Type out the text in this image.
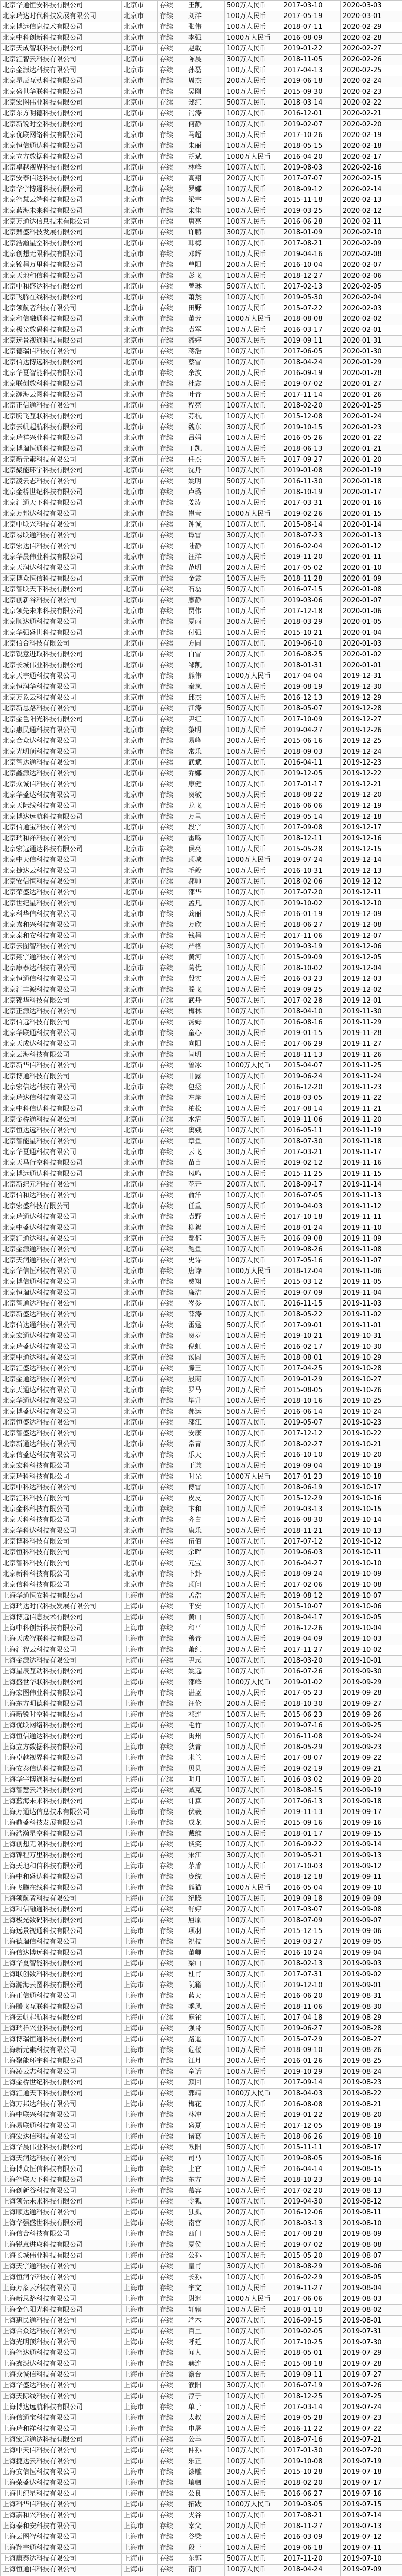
北京华通恒安科技有限公司	北京市	存续	王凯	500万人民币	2017-03-10	2020-03-03
北京瑞达时代科技发展有限公司	北京市	存续	刘洋	100万人民币	2017-05-19	2020-03-01
北京博远信息技术有限公司	北京市	存续	张伟	100万人民币	2018-07-11	2020-02-29
北京中科创新科技有限公司	北京市	存续	李强	1000万人民币	2016-08-09	2020-02-28
北京天成智联科技有限公司	北京市	存续	赵敏	100万人民币	2019-01-22	2020-02-27
北京汇智云科技有限公司	北京市	存续	陈晨	300万人民币	2018-11-05	2020-02-26
北京金源达科技有限公司	北京市	存续	孙磊	100万人民币	2017-04-13	2020-02-25
北京星辰互动科技有限公司	北京市	存续	周杰	200万人民币	2019-06-18	2020-02-24
北京盛世华联科技有限公司	北京市	存续	吴刚	100万人民币	2015-09-30	2020-02-23
北京宏图伟业科技有限公司	北京市	存续	郑红	500万人民币	2018-03-14	2020-02-22
北京东方明德科技有限公司	北京市	存续	冯涛	100万人民币	2016-12-01	2020-02-21
北京新锐时空科技有限公司	北京市	存续	何静	100万人民币	2019-02-07	2020-02-20
北京优联网络科技有限公司	北京市	存续	马超	300万人民币	2017-10-26	2020-02-19
北京恒信通达科技有限公司	北京市	存续	朱丽	100万人民币	2018-05-15	2020-02-18
北京立方数据科技有限公司	北京市	存续	胡斌	1000万人民币	2016-04-20	2020-02-17
北京卓越视界科技有限公司	北京市	存续	林峰	100万人民币	2019-08-03	2020-02-16
北京安泰信达科技有限公司	北京市	存续	高翔	200万人民币	2017-07-07	2020-02-15
北京华宇博通科技有限公司	北京市	存续	罗娜	100万人民币	2018-09-12	2020-02-14
北京智慧云端科技有限公司	北京市	存续	梁宇	500万人民币	2015-11-18	2020-02-13
北京蓝海未来科技有限公司	北京市	存续	宋佳	100万人民币	2019-03-25	2020-02-12
北京万通达信息技术有限公司	北京市	存续	唐亮	100万人民币	2016-06-28	2020-02-11
北京鼎盛科技发展有限公司	北京市	存续	许鹏	300万人民币	2018-01-09	2020-02-10
北京浩瀚星空科技有限公司	北京市	存续	韩梅	100万人民币	2017-08-21	2020-02-09
北京创想无限科技有限公司	北京市	存续	邓辉	100万人民币	2019-04-16	2020-02-08
北京锦程万里科技有限公司	北京市	存续	曹阳	200万人民币	2016-10-04	2020-02-07
北京天地和信科技有限公司	北京市	存续	彭飞	100万人民币	2018-12-27	2020-02-06
北京中和盛达科技有限公司	北京市	存续	曾琳	500万人民币	2017-02-13	2020-02-05
北京飞腾在线科技有限公司	北京市	存续	萧然	100万人民币	2019-05-30	2020-02-04
北京领航者科技有限公司	北京市	存续	田野	100万人民币	2015-07-22	2020-02-03
北京和信融通科技有限公司	北京市	存续	董芳	1000万人民币	2018-08-08	2020-02-02
北京极光数码科技有限公司	北京市	存续	袁军	100万人民币	2016-03-17	2020-02-01
北京远景视通科技有限公司	北京市	存续	潘婷	300万人民币	2019-09-11	2020-01-31
北京德瑞信科技有限公司	北京市	存续	蒋浩	100万人民币	2017-06-05	2020-01-30
北京信达博远科技有限公司	北京市	存续	蔡雪	100万人民币	2018-04-24	2020-01-29
北京华夏智能科技有限公司	北京市	存续	余波	200万人民币	2016-09-19	2020-01-28
北京联创数科科技有限公司	北京市	存续	杜鑫	100万人民币	2019-07-02	2020-01-27
北京瀚海云图科技有限公司	北京市	存续	叶青	500万人民币	2017-11-14	2020-01-26
北京正信通科技有限公司	北京市	存续	程亮	100万人民币	2018-02-20	2020-01-25
北京腾飞互联科技有限公司	北京市	存续	苏杭	100万人民币	2015-12-08	2020-01-24
北京云帆起航科技有限公司	北京市	存续	魏东	300万人民币	2019-10-15	2020-01-23
北京瑞祥兴业科技有限公司	北京市	存续	吕娟	100万人民币	2016-05-26	2020-01-22
北京博瑞恒通科技有限公司	北京市	存续	丁凯	100万人民币	2018-06-13	2020-01-21
北京新元素科技有限公司	北京市	存续	任杰	200万人民币	2017-09-27	2020-01-20
北京聚能环宇科技有限公司	北京市	存续	沈丹	100万人民币	2019-01-08	2020-01-19
北京凌云志科技有限公司	北京市	存续	姚明	500万人民币	2016-11-30	2020-01-18
北京金桥世纪科技有限公司	北京市	存续	卢璐	100万人民币	2018-10-19	2020-01-17
北京汇通天下科技有限公司	北京市	存续	姜涛	100万人民币	2017-03-31	2020-01-16
北京万邦达科技有限公司	北京市	存续	崔莹	1000万人民币	2019-02-26	2020-01-15
北京中联兴科技有限公司	北京市	存续	钟诚	100万人民币	2015-08-14	2020-01-14
北京易联通科技有限公司	北京市	存续	谭雷	300万人民币	2018-07-23	2020-01-13
北京宏达信科技有限公司	北京市	存续	陆静	100万人民币	2016-02-04	2020-01-12
北京华晨伟业科技有限公司	北京市	存续	汪洋	100万人民币	2019-11-20	2020-01-11
北京天润达科技有限公司	北京市	存续	范明	200万人民币	2017-05-02	2020-01-10
北京博众恒信科技有限公司	北京市	存续	金鑫	100万人民币	2018-11-28	2020-01-09
北京智联天下科技有限公司	北京市	存续	石磊	500万人民币	2016-07-15	2020-01-08
北京创新谷科技有限公司	北京市	存续	廖静	100万人民币	2019-03-06	2020-01-07
北京领先未来科技有限公司	北京市	存续	贾伟	100万人民币	2017-12-18	2020-01-06
北京顺达通科技有限公司	北京市	存续	夏雨	300万人民币	2018-03-29	2020-01-05
北京华强盛世科技有限公司	北京市	存续	付强	100万人民币	2015-10-21	2020-01-04
北京信合科技有限公司	北京市	存续	方圆	100万人民币	2019-06-10	2020-01-03
北京锐意进取科技有限公司	北京市	存续	白雪	200万人民币	2016-08-25	2020-01-02
北京长城伟业科技有限公司	北京市	存续	邹凯	100万人民币	2018-01-31	2020-01-01
北京天宇通科技有限公司	北京市	存续	熊伟	1000万人民币	2017-04-04	2019-12-31
北京恒润华科技有限公司	北京市	存续	秦岚	100万人民币	2019-08-19	2019-12-30
北京万象云科技有限公司	北京市	存续	邱杰	100万人民币	2016-12-13	2019-12-29
北京新思路科技有限公司	北京市	存续	江涛	500万人民币	2018-05-07	2019-12-28
北京金色阳光科技有限公司	北京市	存续	尹红	100万人民币	2017-10-09	2019-12-27
北京惠民通科技有限公司	北京市	存续	黎明	100万人民币	2019-04-27	2019-12-26
北京合众达科技有限公司	北京市	存续	易峰	300万人民币	2015-06-16	2019-12-25
北京光明顶科技有限公司	北京市	存续	常乐	100万人民币	2018-09-03	2019-12-24
北京智达通科技有限公司	北京市	存续	武斌	100万人民币	2016-04-11	2019-12-23
北京鑫源达科技有限公司	北京市	存续	乔娜	200万人民币	2019-12-05	2019-12-22
北京众诚信科技有限公司	北京市	存续	康健	100万人民币	2017-01-17	2019-12-21
北京华盛达科技有限公司	北京市	存续	贺敏	500万人民币	2018-08-22	2019-12-20
北京天际线科技有限公司	北京市	存续	龙飞	100万人民币	2016-06-06	2019-12-19
北京博达远航科技有限公司	北京市	存续	万里	100万人民币	2019-05-14	2019-12-18
北京信通宝科技有限公司	北京市	存续	段宇	300万人民币	2017-09-08	2019-12-17
北京瑞和祥科技有限公司	北京市	存续	雷鸣	100万人民币	2018-12-11	2019-12-16
北京宏远通达科技有限公司	北京市	存续	侯亮	100万人民币	2015-05-28	2019-12-15
北京中天信科技有限公司	北京市	存续	顾城	1000万人民币	2019-07-24	2019-12-14
北京捷达云科技有限公司	北京市	存续	毛毅	100万人民币	2016-10-31	2019-12-13
北京安信恒科技有限公司	北京市	存续	郝帅	200万人民币	2018-02-06	2019-12-12
北京荣盛达科技有限公司	北京市	存续	邵华	100万人民币	2017-07-20	2019-12-11
北京世纪星科技有限公司	北京市	存续	孟凡	100万人民币	2019-10-02	2019-12-10
北京科华信科技有限公司	北京市	存续	龚丽	500万人民币	2016-01-19	2019-12-09
北京嘉和兴科技有限公司	北京市	存续	万欣	100万人民币	2018-06-27	2019-12-08
北京泰和安科技有限公司	北京市	存续	钱程	100万人民币	2017-11-06	2019-12-07
北京云图智科技有限公司	北京市	存续	严格	300万人民币	2019-03-19	2019-12-06
北京翔宇通科技有限公司	北京市	存续	黄河	100万人民币	2015-09-09	2019-12-05
北京康泰达科技有限公司	北京市	存续	葛优	100万人民币	2018-10-02	2019-12-04
北京恒通信科技有限公司	北京市	存续	殷实	200万人民币	2016-03-23	2019-12-03
北京汇丰源科技有限公司	北京市	存续	滕飞	100万人民币	2019-09-25	2019-12-02
北京锦华科技有限公司	北京市	存续	武丹	500万人民币	2017-02-28	2019-12-01
北京正源达科技有限公司	北京市	存续	梅林	100万人民币	2018-04-10	2019-11-30
北京信远科技有限公司	北京市	存续	汤姆	100万人民币	2016-08-16	2019-11-29
北京华联通科技有限公司	北京市	存续	童心	300万人民币	2019-01-15	2019-11-28
北京天成达科技有限公司	北京市	存续	向阳	100万人民币	2017-06-29	2019-11-27
北京云海科技有限公司	北京市	存续	闫明	100万人民币	2018-11-13	2019-11-26
北京新华信科技有限公司	北京市	存续	鲁冰	1000万人民币	2015-04-07	2019-11-25
北京博通科技有限公司	北京市	存续	甘露	100万人民币	2019-06-24	2019-11-24
北京宏信达科技有限公司	北京市	存续	包拯	200万人民币	2016-12-20	2019-11-23
北京瑞达信科技有限公司	北京市	存续	左岸	100万人民币	2018-03-05	2019-11-22
北京中科信达科技有限公司	北京市	存续	柏松	100万人民币	2017-08-14	2019-11-21
北京金桥通科技有限公司	北京市	存续	水清	500万人民币	2019-11-06	2019-11-20
北京恒达远科技有限公司	北京市	存续	窦娥	100万人民币	2016-05-11	2019-11-19
北京智能星科技有限公司	北京市	存续	章鱼	100万人民币	2018-07-30	2019-11-18
北京华夏通科技有限公司	北京市	存续	云飞	300万人民币	2017-03-21	2019-11-17
北京天马行空科技有限公司	北京市	存续	苗苗	100万人民币	2019-02-12	2019-11-16
北京博远通达科技有限公司	北京市	存续	凤鸣	100万人民币	2015-11-25	2019-11-15
北京新纪元科技有限公司	北京市	存续	花开	200万人民币	2018-09-17	2019-11-14
北京信和达科技有限公司	北京市	存续	俞洋	100万人民币	2016-07-05	2019-11-13
北京宏盛科技有限公司	北京市	存续	任重	500万人民币	2019-04-03	2019-11-12
北京瑞通达科技有限公司	北京市	存续	袁野	100万人民币	2017-10-18	2019-11-11
北京中盛达科技有限公司	北京市	存续	柳絮	100万人民币	2018-01-24	2019-11-10
北京汇通达科技有限公司	北京市	存续	酆都	300万人民币	2016-09-08	2019-11-09
北京金源通科技有限公司	北京市	存续	鲍鱼	100万人民币	2019-08-26	2019-11-08
北京天润通科技有限公司	北京市	存续	史诗	100万人民币	2017-05-16	2019-11-07
北京华信恒科技有限公司	北京市	存续	唐诗	1000万人民币	2018-12-04	2019-11-06
北京博信通科技有限公司	北京市	存续	费翔	100万人民币	2015-03-12	2019-11-05
北京恒瑞达科技有限公司	北京市	存续	廉洁	200万人民币	2019-07-09	2019-11-04
北京智通达科技有限公司	北京市	存续	岑参	100万人民币	2016-11-15	2019-11-03
北京新盛达科技有限公司	北京市	存续	薛涛	100万人民币	2018-05-22	2019-11-02
北京信达通科技有限公司	北京市	存续	雷霆	500万人民币	2017-09-01	2019-11-01
北京宏通达科技有限公司	北京市	存续	贺岁	100万人民币	2019-10-21	2019-10-31
北京瑞盛达科技有限公司	北京市	存续	倪虹	100万人民币	2016-02-17	2019-10-30
北京中通达科技有限公司	北京市	存续	汤圆	300万人民币	2018-08-01	2019-10-29
北京汇盛达科技有限公司	北京市	存续	滕王	100万人民币	2017-04-25	2019-10-28
北京金通达科技有限公司	北京市	存续	殷商	100万人民币	2019-01-29	2019-10-27
北京天通达科技有限公司	北京市	存续	罗马	200万人民币	2015-08-05	2019-10-26
北京华通达科技有限公司	北京市	存续	毕升	100万人民币	2018-10-16	2019-10-25
北京博盛达科技有限公司	北京市	存续	郝运	500万人民币	2016-06-14	2019-10-24
北京恒盛达科技有限公司	北京市	存续	邬江	100万人民币	2019-05-07	2019-10-23
北京智盛达科技有限公司	北京市	存续	安康	100万人民币	2017-12-12	2019-10-22
北京新通达科技有限公司	北京市	存续	常青	300万人民币	2018-02-27	2019-10-21
北京信盛达科技有限公司	北京市	存续	乐天	100万人民币	2016-10-10	2019-10-20
北京宏科科技有限公司	北京市	存续	于谦	100万人民币	2019-09-04	2019-10-19
北京瑞科科技有限公司	北京市	存续	时光	1000万人民币	2017-01-23	2019-10-18
北京中科达科技有限公司	北京市	存续	傅雷	100万人民币	2018-06-19	2019-10-17
北京汇科科技有限公司	北京市	存续	皮皮	200万人民币	2015-12-29	2019-10-16
北京金科科技有限公司	北京市	存续	卞和	100万人民币	2019-03-13	2019-10-15
北京天科科技有限公司	北京市	存续	齐白	100万人民币	2016-08-30	2019-10-14
北京华科达科技有限公司	北京市	存续	康乐	500万人民币	2018-11-21	2019-10-13
北京博科科技有限公司	北京市	存续	伍佰	100万人民币	2017-07-12	2019-10-12
北京恒科科技有限公司	北京市	存续	余晖	100万人民币	2019-06-03	2019-10-11
北京智科科技有限公司	北京市	存续	元宝	300万人民币	2016-04-27	2019-10-10
北京新科科技有限公司	北京市	存续	卜卦	100万人民币	2018-09-24	2019-10-09
北京信科科技有限公司	北京市	存续	顾问	100万人民币	2017-02-06	2019-10-08
上海华通恒安科技有限公司	上海市	存续	孟浩	200万人民币	2019-08-12	2019-10-07
上海瑞达时代科技发展有限公司	上海市	存续	平安	100万人民币	2015-10-07	2019-10-06
上海博远信息技术有限公司	上海市	存续	黄山	500万人民币	2018-04-17	2019-10-05
上海中科创新科技有限公司	上海市	存续	和平	100万人民币	2016-12-26	2019-10-04
上海天成智联科技有限公司	上海市	存续	穆青	100万人民币	2019-04-09	2019-10-03
上海汇智云科技有限公司	上海市	存续	萧红	300万人民币	2017-11-27	2019-10-02
上海金源达科技有限公司	上海市	存续	尹志	100万人民币	2018-03-20	2019-10-01
上海星辰互动科技有限公司	上海市	存续	姚远	100万人民币	2016-07-26	2019-09-30
上海盛世华联科技有限公司	上海市	存续	邵峰	1000万人民币	2019-01-02	2019-09-29
上海宏图伟业科技有限公司	上海市	存续	湛蓝	100万人民币	2017-05-23	2019-09-28
上海东方明德科技有限公司	上海市	存续	汪伦	200万人民币	2018-10-30	2019-09-27
上海新锐时空科技有限公司	上海市	存续	祁连	100万人民币	2015-06-23	2019-09-26
上海优联网络科技有限公司	上海市	存续	毛竹	100万人民币	2019-07-16	2019-09-25
上海恒信通达科技有限公司	上海市	存续	禹州	500万人民币	2016-11-08	2019-09-24
上海立方数据科技有限公司	上海市	存续	狄青	100万人民币	2018-05-29	2019-09-23
上海卓越视界科技有限公司	上海市	存续	米兰	100万人民币	2017-08-07	2019-09-22
上海安泰信达科技有限公司	上海市	存续	贝贝	300万人民币	2019-02-19	2019-09-21
上海华宇博通科技有限公司	上海市	存续	明月	100万人民币	2016-03-02	2019-09-20
上海智慧云端科技有限公司	上海市	存续	臧克	100万人民币	2018-08-15	2019-09-19
上海蓝海未来科技有限公司	上海市	存续	计算	200万人民币	2017-06-13	2019-09-18
上海万通达信息技术有限公司	上海市	存续	伏羲	100万人民币	2019-11-13	2019-09-17
上海鼎盛科技发展有限公司	上海市	存续	成龙	500万人民币	2015-09-16	2019-09-16
上海浩瀚星空科技有限公司	上海市	存续	戴维	100万人民币	2018-01-17	2019-09-15
上海创想无限科技有限公司	上海市	存续	谈笑	100万人民币	2016-09-22	2019-09-14
上海锦程万里科技有限公司	上海市	存续	宋江	300万人民币	2019-05-21	2019-09-13
上海天地和信科技有限公司	上海市	存续	茅盾	100万人民币	2017-10-03	2019-09-12
上海中和盛达科技有限公司	上海市	存续	庞统	100万人民币	2018-12-18	2019-09-11
上海飞腾在线科技有限公司	上海市	存续	熊猫	1000万人民币	2016-05-04	2019-09-10
上海领航者科技有限公司	上海市	存续	纪晓	100万人民币	2019-09-18	2019-09-09
上海和信融通科技有限公司	上海市	存续	舒婷	200万人民币	2017-03-07	2019-09-08
上海极光数码科技有限公司	上海市	存续	屈原	100万人民币	2018-07-09	2019-09-07
上海远景视通科技有限公司	上海市	存续	项羽	100万人民币	2015-12-15	2019-09-06
上海德瑞信科技有限公司	上海市	存续	祝枝	500万人民币	2019-03-27	2019-09-05
上海信达博远科技有限公司	上海市	存续	董卿	100万人民币	2016-10-24	2019-09-04
上海华夏智能科技有限公司	上海市	存续	梁山	100万人民币	2018-02-13	2019-09-03
上海联创数科科技有限公司	上海市	存续	杜甫	300万人民币	2017-07-31	2019-09-02
上海瀚海云图科技有限公司	上海市	存续	阮籍	100万人民币	2019-12-10	2019-09-01
上海正信通科技有限公司	上海市	存续	蓝天	100万人民币	2016-06-20	2019-08-31
上海腾飞互联科技有限公司	上海市	存续	季风	200万人民币	2018-11-06	2019-08-30
上海云帆起航科技有限公司	上海市	存续	麻雀	100万人民币	2017-04-18	2019-08-29
上海瑞祥兴业科技有限公司	上海市	存续	强哥	500万人民币	2019-06-27	2019-08-28
上海博瑞恒通科技有限公司	上海市	存续	路遥	100万人民币	2015-07-29	2019-08-27
上海新元素科技有限公司	上海市	存续	危楼	100万人民币	2018-09-10	2019-08-26
上海聚能环宇科技有限公司	上海市	存续	江月	300万人民币	2016-01-26	2019-08-25
上海凌云志科技有限公司	上海市	存续	童话	100万人民币	2019-10-29	2019-08-24
上海金桥世纪科技有限公司	上海市	存续	颜回	100万人民币	2017-09-14	2019-08-23
上海汇通天下科技有限公司	上海市	存续	郭靖	1000万人民币	2018-04-03	2019-08-22
上海万邦达科技有限公司	上海市	存续	梅花	100万人民币	2016-08-08	2019-08-21
上海中联兴科技有限公司	上海市	存续	林冲	200万人民币	2019-01-22	2019-08-20
上海易联通科技有限公司	上海市	存续	盛夏	100万人民币	2017-12-05	2019-08-19
上海宏达信科技有限公司	上海市	存续	诸葛	100万人民币	2018-06-26	2019-08-18
上海华晨伟业科技有限公司	上海市	存续	欧阳	500万人民币	2015-11-11	2019-08-17
上海天润达科技有限公司	上海市	存续	司马	100万人民币	2019-08-05	2019-08-16
上海博众恒信科技有限公司	上海市	存续	上官	100万人民币	2016-04-14	2019-08-15
上海智联天下科技有限公司	上海市	存续	东方	300万人民币	2018-10-23	2019-08-14
上海创新谷科技有限公司	上海市	存续	慕容	100万人民币	2017-02-20	2019-08-13
上海领先未来科技有限公司	上海市	存续	令狐	100万人民币	2019-04-30	2019-08-12
上海顺达通科技有限公司	上海市	存续	独孤	200万人民币	2016-12-06	2019-08-11
上海华强盛世科技有限公司	上海市	存续	南宫	100万人民币	2018-03-13	2019-08-10
上海信合科技有限公司	上海市	存续	西门	500万人民币	2017-08-28	2019-08-09
上海锐意进取科技有限公司	上海市	存续	夏侯	100万人民币	2019-07-02	2019-08-08
上海长城伟业科技有限公司	上海市	存续	公孙	100万人民币	2015-05-20	2019-08-07
上海天宇通科技有限公司	上海市	存续	皇甫	300万人民币	2018-08-29	2019-08-06
上海恒润华科技有限公司	上海市	存续	长孙	100万人民币	2016-02-29	2019-08-05
上海万象云科技有限公司	上海市	存续	宇文	100万人民币	2019-11-27	2019-08-04
上海新思路科技有限公司	上海市	存续	尉迟	1000万人民币	2017-06-06	2019-08-03
上海金色阳光科技有限公司	上海市	存续	轩辕	100万人民币	2018-01-10	2019-08-02
上海惠民通科技有限公司	上海市	存续	端木	200万人民币	2016-09-15	2019-08-01
上海合众达科技有限公司	上海市	存续	百里	100万人民币	2019-02-05	2019-07-31
上海光明顶科技有限公司	上海市	存续	呼延	100万人民币	2017-10-25	2019-07-30
上海智达通科技有限公司	上海市	存续	闻人	500万人民币	2018-05-01	2019-07-29
上海鑫源达科技有限公司	上海市	存续	赫连	100万人民币	2015-08-18	2019-07-28
上海众诚信科技有限公司	上海市	存续	澹台	100万人民币	2019-09-11	2019-07-27
上海华盛达科技有限公司	上海市	存续	濮阳	300万人民币	2016-07-19	2019-07-26
上海天际线科技有限公司	上海市	存续	淳于	100万人民币	2018-12-25	2019-07-25
上海博达远航科技有限公司	上海市	存续	单于	100万人民币	2017-03-14	2019-07-24
上海信通宝科技有限公司	上海市	存续	太叔	200万人民币	2019-05-28	2019-07-23
上海瑞和祥科技有限公司	上海市	存续	申屠	100万人民币	2016-11-22	2019-07-22
上海宏远通达科技有限公司	上海市	存续	公羊	500万人民币	2018-07-16	2019-07-21
上海中天信科技有限公司	上海市	存续	仲孙	100万人民币	2017-01-30	2019-07-20
上海捷达云科技有限公司	上海市	存续	乐正	100万人民币	2019-10-08	2019-07-19
上海安信恒科技有限公司	上海市	存续	漆雕	300万人民币	2015-10-28	2019-07-18
上海荣盛达科技有限公司	上海市	存续	壤驷	100万人民币	2018-02-20	2019-07-17
上海世纪星科技有限公司	上海市	存续	公良	100万人民币	2016-06-27	2019-07-16
上海科华信科技有限公司	上海市	存续	拓跋	1000万人民币	2019-03-05	2019-07-15
上海嘉和兴科技有限公司	上海市	存续	夹谷	100万人民币	2017-08-21	2019-07-14
上海泰和安科技有限公司	上海市	存续	宰父	200万人民币	2018-11-27	2019-07-13
上海云图智科技有限公司	上海市	存续	谷梁	100万人民币	2016-03-09	2019-07-12
上海翔宇通科技有限公司	上海市	存续	段干	100万人民币	2019-06-18	2019-07-11
上海康泰达科技有限公司	上海市	存续	东郭	500万人民币	2017-11-20	2019-07-10
上海恒通信科技有限公司	上海市	存续	南门	100万人民币	2018-04-24	2019-07-09
